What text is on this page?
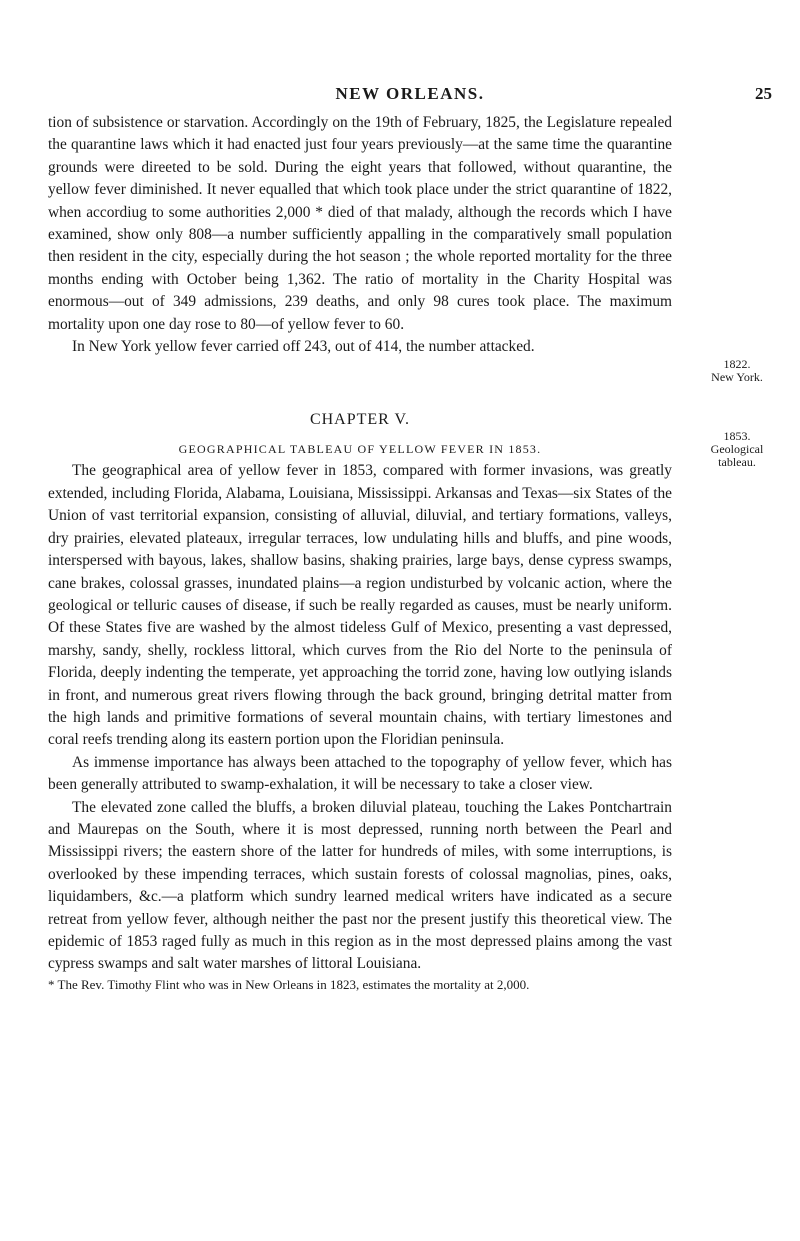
NEW ORLEANS.	25

tion of subsistence or starvation. Accordingly on the 19th of February, 1825, the Legislature repealed the quarantine laws which it had enacted just four years previously—at the same time the quarantine grounds were direeted to be sold. During the eight years that followed, without quarantine, the yellow fever diminished. It never equalled that which took place under the strict quarantine of 1822, when accordiug to some authorities 2,000 * died of that malady, although the records which I have examined, show only 808—a number sufficiently appalling in the comparatively small population then resident in the city, especially during the hot season ; the whole reported mortality for the three months ending with October being 1,362. The ratio of mortality in the Charity Hospital was enormous—out of 349 admissions, 239 deaths, and only 98 cures took place. The maximum mortality upon one day rose to 80—of yellow fever to 60.

In New York yellow fever carried off 243, out of 414, the number attacked.

CHAPTER V.
GEOGRAPHICAL TABLEAU OF YELLOW FEVER IN 1853.

The geographical area of yellow fever in 1853, compared with former invasions, was greatly extended, including Florida, Alabama, Louisiana, Mississippi. Arkansas and Texas—six States of the Union of vast territorial expansion, consisting of alluvial, diluvial, and tertiary formations, valleys, dry prairies, elevated plateaux, irregular terraces, low undulating hills and bluffs, and pine woods, interspersed with bayous, lakes, shallow basins, shaking prairies, large bays, dense cypress swamps, cane brakes, colossal grasses, inundated plains—a region undisturbed by volcanic action, where the geological or telluric causes of disease, if such be really regarded as causes, must be nearly uniform. Of these States five are washed by the almost tideless Gulf of Mexico, presenting a vast depressed, marshy, sandy, shelly, rockless littoral, which curves from the Rio del Norte to the peninsula of Florida, deeply indenting the temperate, yet approaching the torrid zone, having low outlying islands in front, and numerous great rivers flowing through the back ground, bringing detrital matter from the high lands and primitive formations of several mountain chains, with tertiary limestones and coral reefs trending along its eastern portion upon the Floridian peninsula.

As immense importance has always been attached to the topography of yellow fever, which has been generally attributed to swamp-exhalation, it will be necessary to take a closer view.

The elevated zone called the bluffs, a broken diluvial plateau, touching the Lakes Pontchartrain and Maurepas on the South, where it is most depressed, running north between the Pearl and Mississippi rivers; the eastern shore of the latter for hundreds of miles, with some interruptions, is overlooked by these impending terraces, which sustain forests of colossal magnolias, pines, oaks, liquidambers, &c.—a platform which sundry learned medical writers have indicated as a secure retreat from yellow fever, although neither the past nor the present justify this theoretical view. The epidemic of 1853 raged fully as much in this region as in the most depressed plains among the vast cypress swamps and salt water marshes of littoral Louisiana.

* The Rev. Timothy Flint who was in New Orleans in 1823, estimates the mortality at 2,000.

1822.
New York.
1853.
Geological
tableau.
